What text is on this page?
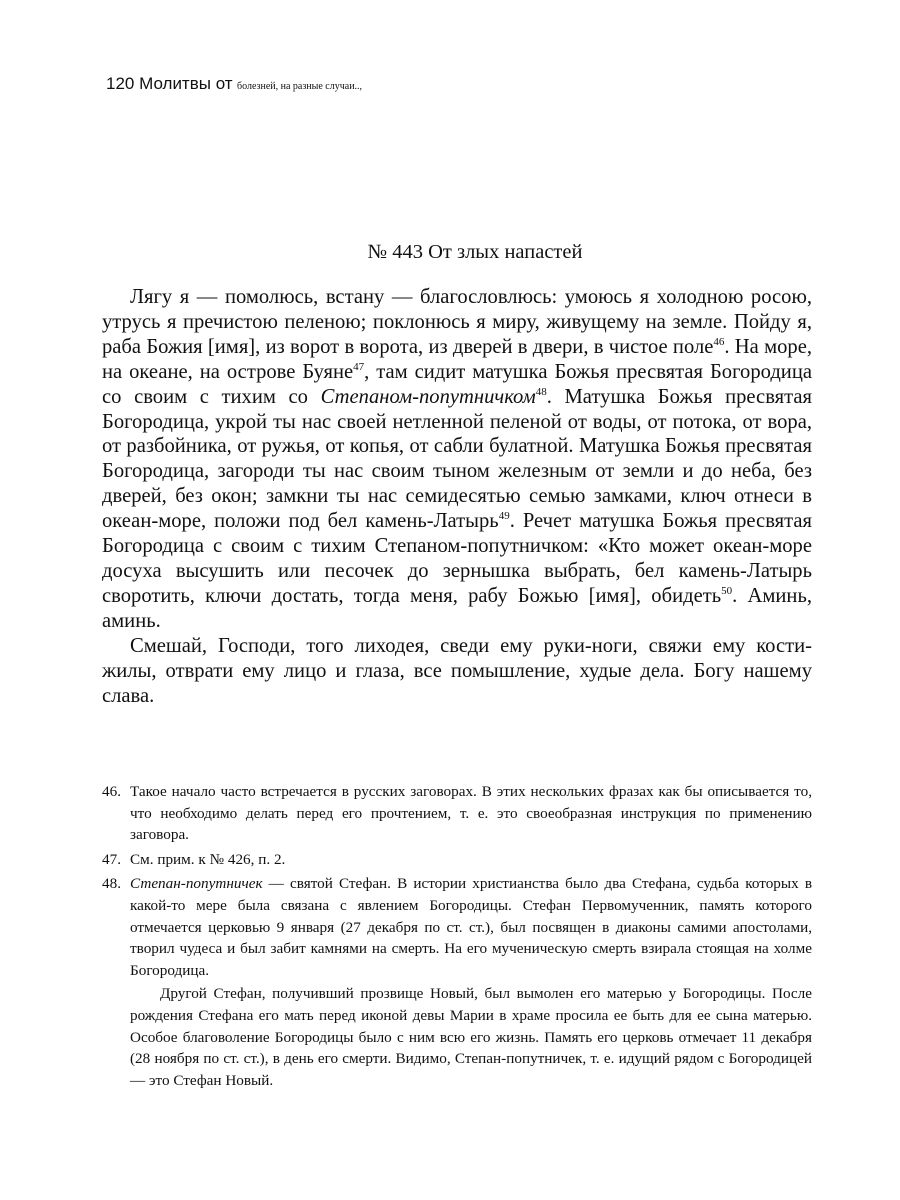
120 Молитвы от болезней, на разные случаи..,
№ 443 От злых напастей

Лягу я — помолюсь, встану — благословлюсь: умоюсь я холодною росою, утрусь я пречистою пеленою; поклонюсь я миру, живущему на земле. Пойду я, раба Божия [имя], из ворот в ворота, из дверей в двери, в чистое поле$^{46}$. На море, на океане, на острове Буяне$^{47}$, там сидит матушка Божья пресвятая Богородица со своим с тихим со Степаном-попутничком$^{48}$. Матушка Божья пресвятая Богородица, укрой ты нас своей нетленной пеленой от воды, от потока, от вора, от разбойника, от ружья, от копья, от сабли булатной. Матушка Божья пресвятая Богородица, загороди ты нас своим тыном железным от земли и до неба, без дверей, без окон; замкни ты нас семидесятью семью замками, ключ отнеси в океан-море, положи под бел камень-Латырь$^{49}$. Речет матушка Божья пресвятая Богородица с своим с тихим Степаном-попутничком: «Кто может океан-море досуха высушить или песочек до зернышка выбрать, бел камень-Латырь своротить, ключи достать, тогда меня, рабу Божью [имя], обидеть$^{50}$. Аминь, аминь.

Смешай, Господи, того лиходея, сведи ему руки-ноги, свяжи ему кости-жилы, отврати ему лицо и глаза, все помышление, худые дела. Богу нашему слава.

46. Такое начало часто встречается в русских заговорах. В этих нескольких фразах как бы описывается то, что необходимо делать перед его прочтением, т. е. это своеобразная инструкция по применению заговора.

47. См. прим. к № 426, п. 2.

48. Степан-попутничек — святой Стефан. В истории христианства было два Стефана, судьба которых в какой-то мере была связана с явлением Богородицы. Стефан Первомученник, память которого отмечается церковью 9 января (27 декабря по ст. ст.), был посвящен в диаконы самими апостолами, творил чудеса и был забит камнями на смерть. На его мученическую смерть взирала стоящая на холме Богородица.

Другой Стефан, получивший прозвище Новый, был вымолен его матерью у Богородицы. После рождения Стефана его мать перед иконой девы Марии в храме просила ее быть для ее сына матерью. Особое благоволение Богородицы было с ним всю его жизнь. Память его церковь отмечает 11 декабря (28 ноября по ст. ст.), в день его смерти. Видимо, Степан-попутничек, т. е. идущий рядом с Богородицей — это Стефан Новый.
